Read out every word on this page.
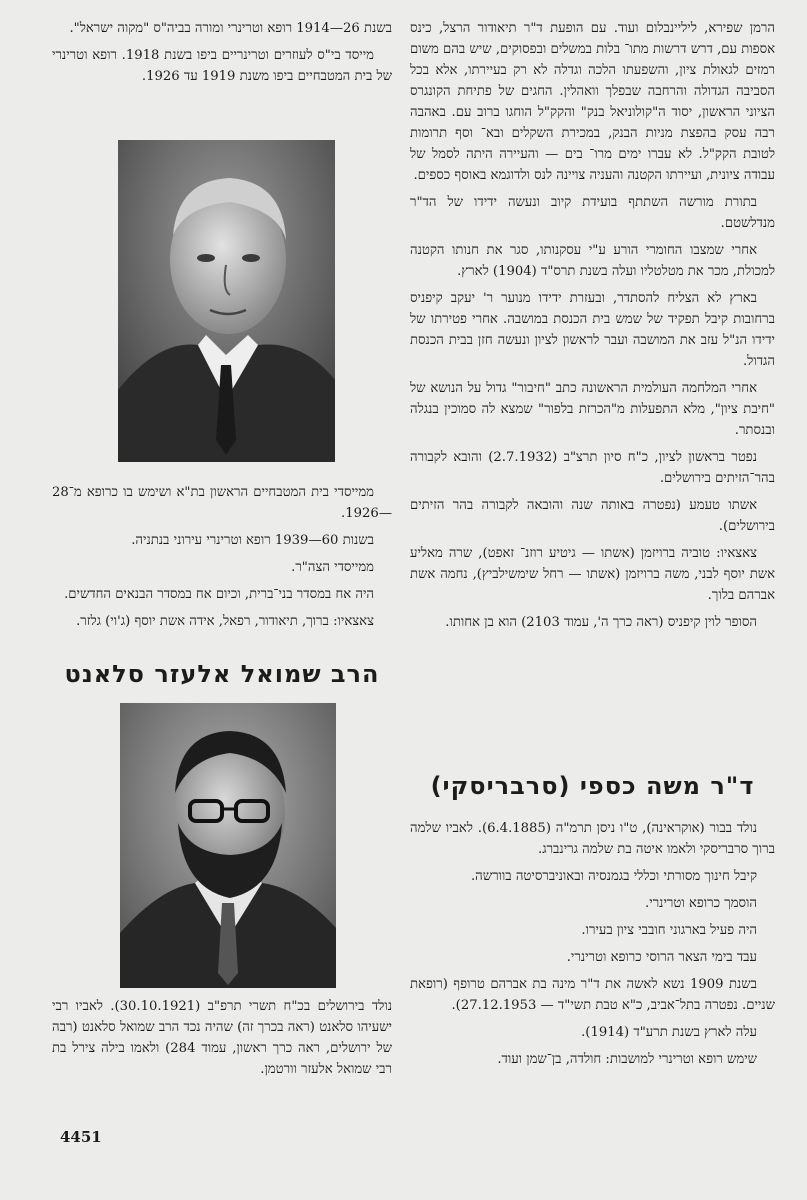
הרמן שפירא, ליליינבלום ועוד. עם הופעת ד"ר תיאודור הרצל, כינס אספות עם, דרש דרשות מתו־ בלות במשלים ובפסוקים, שיש בהם משום רמזים לגאולת ציון, והשפעתו הלכה וגדלה לא רק בעיירתו, אלא בכל הסביבה הגדולה והרחבה שבפלך וואהלין. החגים של פתיחת הקונגרס הציוני הראשון, יסוד ה"קולוניאל בנק" והקק"ל הוחגו ברוב עם. באהבה רבה עסק בהפצת מניות הבנק, במכירת השקלים ובא־ וסף תרומות לטובת הקק"ל. לא עברו ימים מרו־ בים — והעיירה היתה לסמל של עבודה ציונית, ועיירתו הקטנה והעניה צויינה לנס ולדוגמא באוסף כספים.

בתורת מורשה השתתף בועידת קיוב ונעשה ידידו של הד"ר מנדלשטם.

אחרי שמצבו החומרי הורע ע"י עסקנותו, סגר את חנותו הקטנה למכולת, מכר את מטלטליו ועלה בשנת תרס"ד (1904) לארץ.

בארץ לא הצליח להסתדר, ובעזרת ידידו מנוער ר' יעקב קיפניס ברחובות קיבל תפקיד של שמש בית הכנסת במושבה. אחרי פטירתו של ידידו הנ"ל עזב את המושבה ועבר לראשון לציון ונעשה חזן בבית הכנסת הגדול.

אחרי המלחמה העולמית הראשונה כתב "חיבור" גדול על הנושא של "חיבת ציון", מלא התפעלות מ"הכרזת בלפור" שמצא לה סמוכין בנגלה ובנסתר.

נפטר בראשון לציון, כ"ח סיון תרצ"ב (2.7.1932) והובא לקבורה בהר־הזיתים בירושלים.

אשתו טעמע (נפטרה באותה שנה והובאה לקבורה בהר הזיתים בירושלים).

צאצאיו: טוביה ברויזמן (אשתו — גיטיע רוזנ־ זאפט), שרה מאליע אשת יוסף לבני, משה ברויזמן (אשתו — רחל שימשילביץ), נחמה אשת אברהם בלוך.

הסופר לוין קיפניס (ראה כרך ה', עמוד 2103) הוא בן אחותו.

ד"ר משה כספי (סרבריסקי)

נולד בבור (אוקראינה), ט"ו ניסן תרמ"ה (6.4.1885). לאביו שלמה ברוך סרבריסקי ולאמו איטה בת שלמה גרינברג.

קיבל חינוך מסורתי וכללי בגמנסיה ובאוניברסיטה בוורשה.

הוסמך כרופא וטרינרי.

היה פעיל בארגוני חובבי ציון בעירו.

עבד בימי הצאר הרוסי כרופא וטרינרי.

בשנת 1909 נשא לאשה את ד"ר מינה בת אברהם טרופף (רופאת שניים. נפטרה בתל־אביב, כ"א טבת תשי"ד — 27.12.1953).

עלה לארץ בשנת תרע"ד (1914).

שימש רופא וטרינרי למושבות: חולדה, בן־שמן ועוד.

בשנת 26—1914 רופא וטרינרי ומורה בביה"ס "מקוה ישראל".

מייסד בי"ס לעוזרים וטרינריים ביפו בשנת 1918. רופא וטרינרי של בית המטבחיים ביפו משנת 1919 עד 1926.

ממייסדי בית המטבחיים הראשון בת"א ושימש בו כרופא מ־28—1926.

בשנות 60—1939 רופא וטרינרי עירוני בנתניה.

ממייסדי הצה"ר.

היה אח במסדר בני־ברית, וכיום אח במסדר הבנאים החדשים.

צאצאיו: ברוך, תיאודור, רפאל, אידה אשת יוסף (ג'וי) גלזר.

הרב שמואל אלעזר סלאנט

נולד בירושלים בכ"ח תשרי תרפ"ב (30.10.1921). לאביו רבי ישעיהו סלאנט (ראה בכרך זה) שהיה נכד הרב שמואל סלאנט (רבה של ירושלים, ראה כרך ראשון, עמוד 284) ולאמו בילה צירל בת רבי שמואל אלעזר וורטמן.

4451
